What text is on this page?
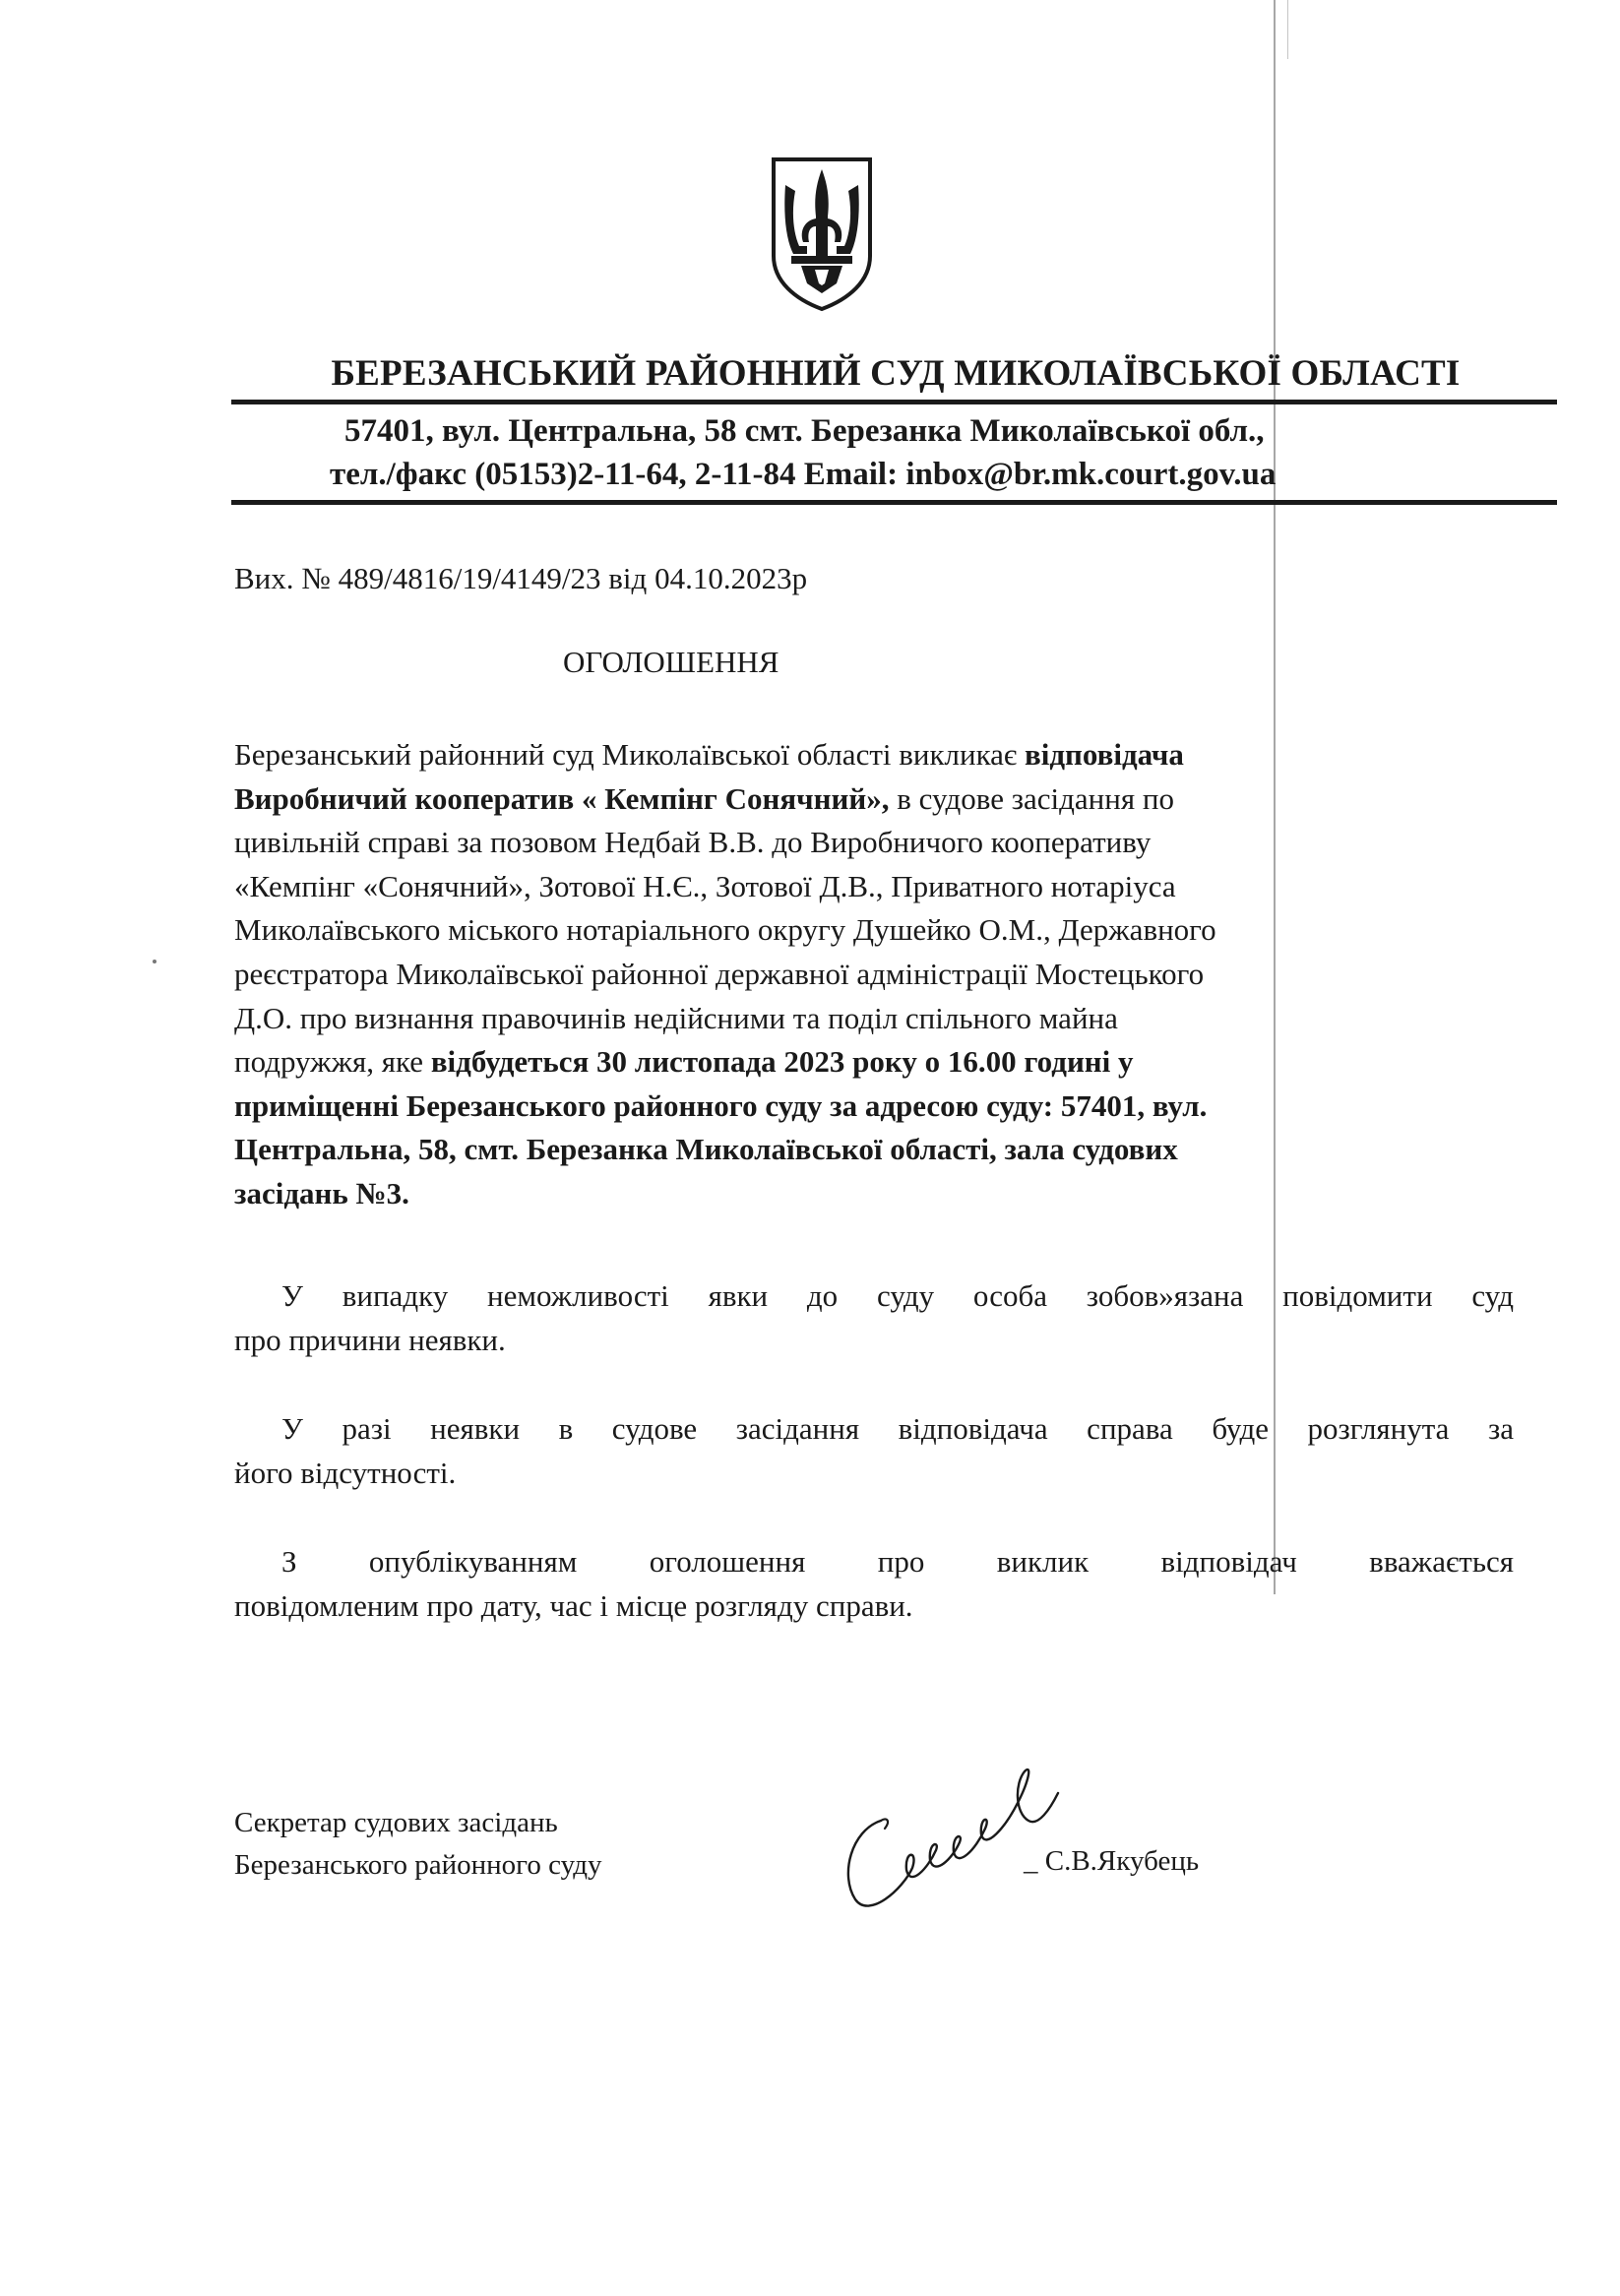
БЕРЕЗАНСЬКИЙ РАЙОННИЙ СУД МИКОЛАЇВСЬКОЇ ОБЛАСТІ
57401, вул. Центральна, 58 смт. Березанка Миколаївської обл.,
тел./факс (05153)2-11-64, 2-11-84 Email: inbox@br.mk.court.gov.ua
Вих. № 489/4816/19/4149/23 від 04.10.2023р
ОГОЛОШЕННЯ
Березанський районний суд Миколаївської області викликає відповідача
Виробничий кооператив « Кемпінг Сонячний», в судове засідання по
цивільній справі за позовом Недбай В.В. до Виробничого кооперативу
«Кемпінг «Сонячний», Зотової Н.Є., Зотової Д.В., Приватного нотаріуса
Миколаївського міського нотаріального округу Душейко О.М., Державного
реєстратора Миколаївської районної державної адміністрації Мостецького
Д.О. про визнання правочинів недійсними та поділ спільного майна
подружжя, яке відбудеться 30 листопада 2023 року о 16.00 годині у
приміщенні Березанського районного суду за адресою суду: 57401, вул.
Центральна, 58, смт. Березанка Миколаївської області, зала судових
засідань №3.
У випадку неможливості явки до суду особа зобов»язана повідомити суд
про причини неявки.
У разі неявки в судове засідання відповідача справа буде розглянута за
його відсутності.
З опублікуванням оголошення про виклик відповідач вважається
повідомленим про дату, час і місце розгляду справи.
Секретар судових засідань
Березанського районного суду	_ С.В.Якубець
